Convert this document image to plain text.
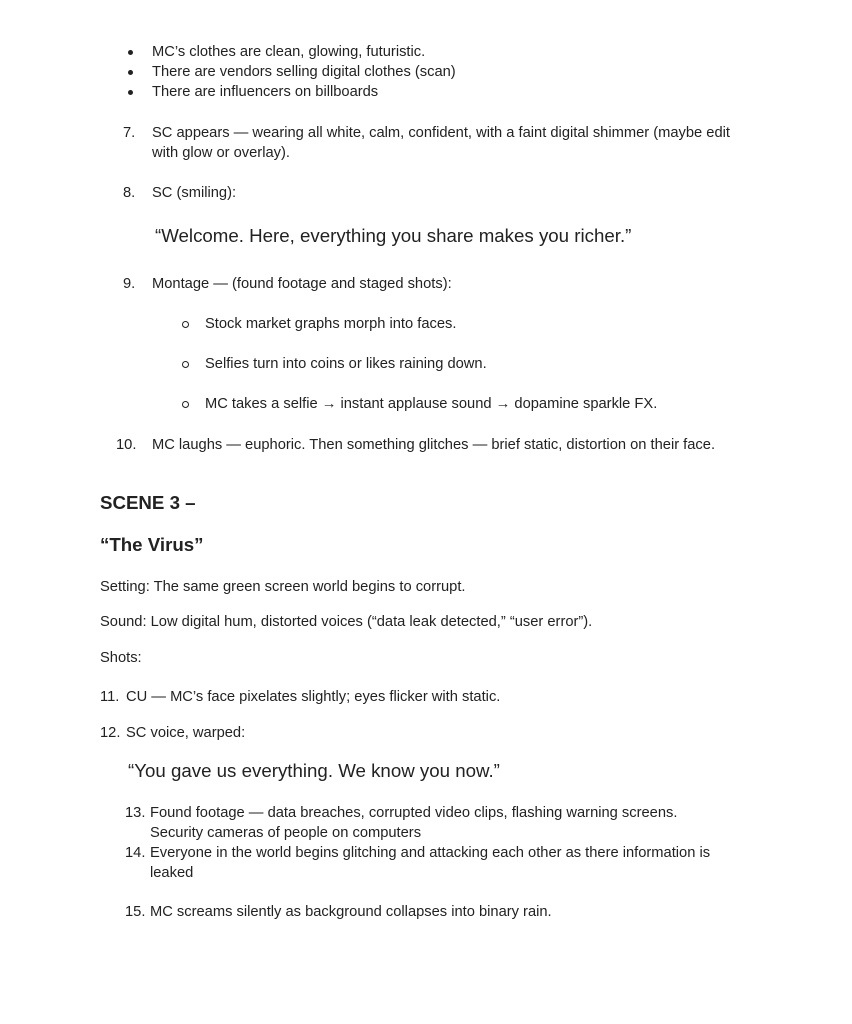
MC’s clothes are clean, glowing, futuristic.
There are vendors selling digital clothes (scan)
There are influencers on billboards
7.	SC appears — wearing all white, calm, confident, with a faint digital shimmer (maybe edit with glow or overlay).
8.	SC (smiling):

“Welcome. Here, everything you share makes you richer.”

9.	Montage — (found footage and staged shots):
Stock market graphs morph into faces.
Selfies turn into coins or likes raining down.
MC takes a selfie → instant applause sound → dopamine sparkle FX.
10.	MC laughs — euphoric. Then something glitches — brief static, distortion on their face.

SCENE 3 –

“The Virus”

Setting: The same green screen world begins to corrupt.

Sound: Low digital hum, distorted voices (“data leak detected,” “user error”).

Shots:

11. CU — MC’s face pixelates slightly; eyes flicker with static.
12. SC voice, warped:

“You gave us everything. We know you now.”

13. Found footage — data breaches, corrupted video clips, flashing warning screens.
Security cameras of people on computers
14. Everyone in the world begins glitching and attacking each other as there information is leaked
15. MC screams silently as background collapses into binary rain.
